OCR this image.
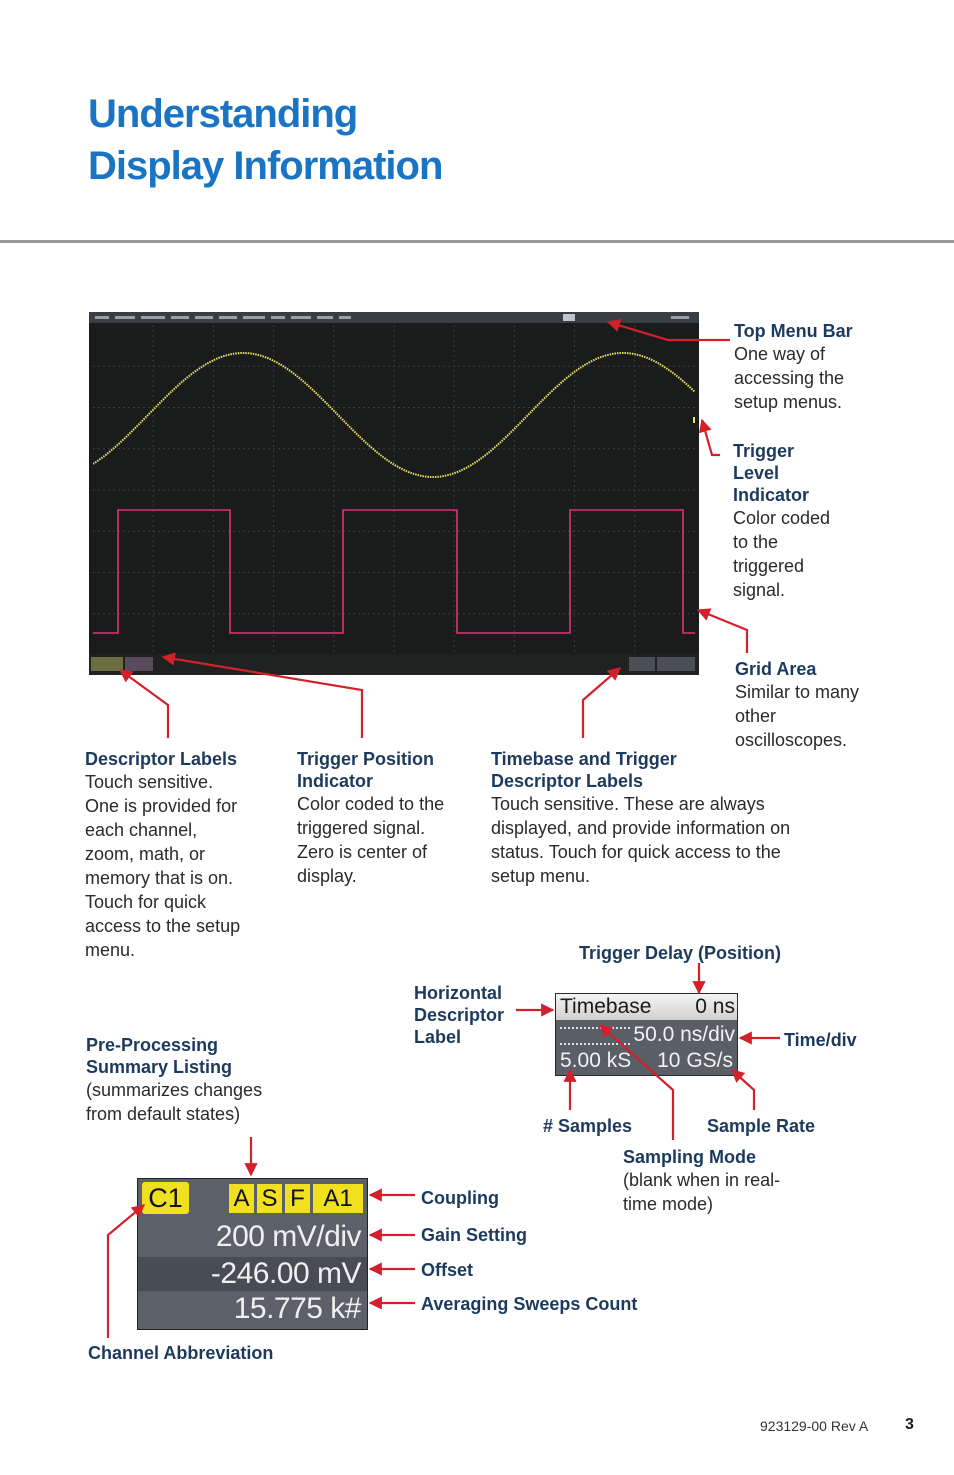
Understanding
Display Information
Top Menu Bar
One way of accessing the setup menus.
Trigger Level Indicator
Color coded to the triggered signal.
Grid Area
Similar to many other oscilloscopes.
Descriptor Labels
Touch sensitive. One is provided for each channel, zoom, math, or memory that is on. Touch for quick access to the setup menu.
Trigger Position Indicator
Color coded to the triggered signal. Zero is center of display.
Timebase and Trigger Descriptor Labels
Touch sensitive. These are always displayed, and provide information on status. Touch for quick access to the setup menu.
Trigger Delay (Position)
Horizontal Descriptor Label	Time/div
# Samples	Sample Rate
Sampling Mode
(blank when in real-time mode)
Timebase 0 ns
50.0 ns/div
5.00 kS 10 GS/s
Pre-Processing Summary Listing
(summarizes changes from default states)
C1 A S F A1
200 mV/div
-246.00 mV
15.775 k#
Coupling
Gain Setting
Offset
Averaging Sweeps Count
Channel Abbreviation
923129-00 Rev A 3
